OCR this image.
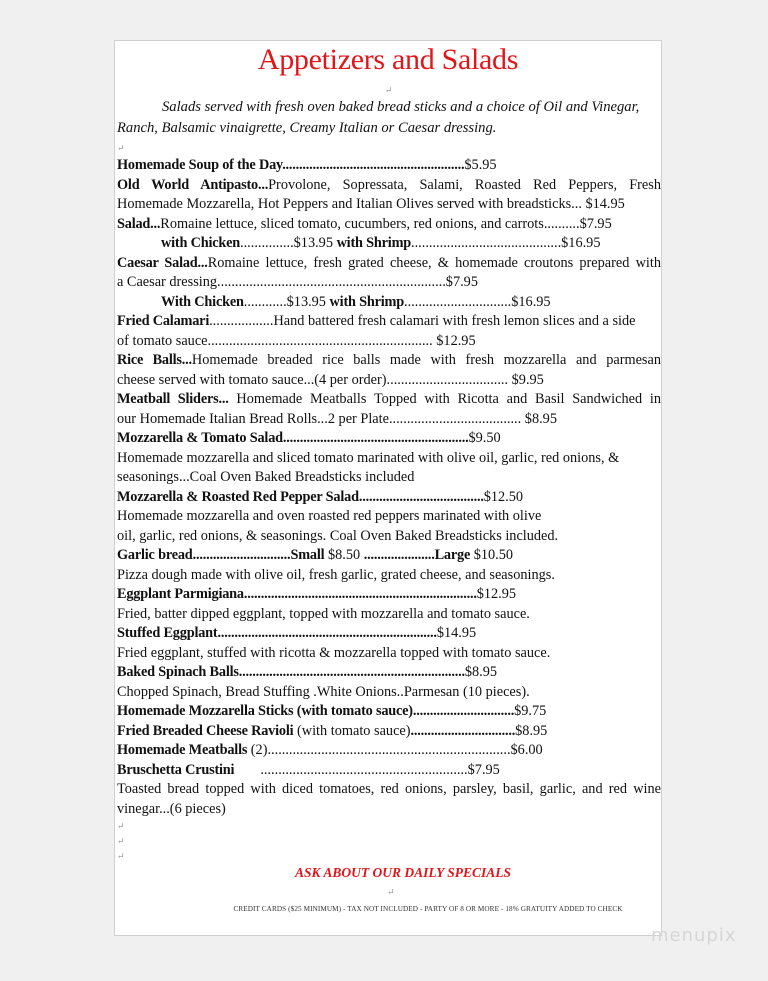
Appetizers and Salads
↵
Salads served with fresh oven baked bread sticks and a choice of Oil and Vinegar, Ranch, Balsamic vinaigrette, Creamy Italian or Caesar dressing.
↵
Homemade Soup of the Day......................................................$5.95
Old World Antipasto...Provolone, Sopressata, Salami, Roasted Red Peppers, Fresh
Homemade Mozzarella, Hot Peppers and Italian Olives served with breadsticks... $14.95
Salad...Romaine lettuce, sliced tomato, cucumbers, red onions, and carrots..........$7.95
with Chicken...............$13.95 with Shrimp..........................................$16.95
Caesar Salad...Romaine lettuce, fresh grated cheese, & homemade croutons prepared with
a Caesar dressing................................................................$7.95
With Chicken............$13.95 with Shrimp..............................$16.95
Fried Calamari..................Hand battered fresh calamari with fresh lemon slices and a side
of tomato sauce............................................................... $12.95
Rice Balls...Homemade breaded rice balls made with fresh mozzarella and parmesan
cheese served with tomato sauce...(4 per order).................................. $9.95
Meatball Sliders... Homemade Meatballs Topped with Ricotta and Basil Sandwiched in
our Homemade Italian Bread Rolls...2 per Plate..................................... $8.95
Mozzarella & Tomato Salad.......................................................$9.50
Homemade mozzarella and sliced tomato marinated with olive oil, garlic, red onions, &
seasonings...Coal Oven Baked Breadsticks included
Mozzarella & Roasted Red Pepper Salad.....................................$12.50
Homemade mozzarella and oven roasted red peppers marinated with olive
oil, garlic, red onions, & seasonings. Coal Oven Baked Breadsticks included.
Garlic bread.............................Small $8.50 .....................Large $10.50
Pizza dough made with olive oil, fresh garlic, grated cheese, and seasonings.
Eggplant Parmigiana.....................................................................$12.95
Fried, batter dipped eggplant, topped with mozzarella and tomato sauce.
Stuffed Eggplant.................................................................$14.95
Fried eggplant, stuffed with ricotta & mozzarella topped with tomato sauce.
Baked Spinach Balls...................................................................$8.95
Chopped Spinach, Bread Stuffing .White Onions..Parmesan (10 pieces).
Homemade Mozzarella Sticks (with tomato sauce)..............................$9.75
Fried Breaded Cheese Ravioli (with tomato sauce)...............................$8.95
Homemade Meatballs (2)....................................................................$6.00
Bruschetta Crustini ..........................................................$7.95
Toasted bread topped with diced tomatoes, red onions, parsley, basil, garlic, and red wine
vinegar...(6 pieces)
↵
↵
↵
ASK ABOUT OUR DAILY SPECIALS
↵
CREDIT CARDS ($25 MINIMUM) - TAX NOT INCLUDED - PARTY OF 8 OR MORE - 18% GRATUITY ADDED TO CHECK
menupix
